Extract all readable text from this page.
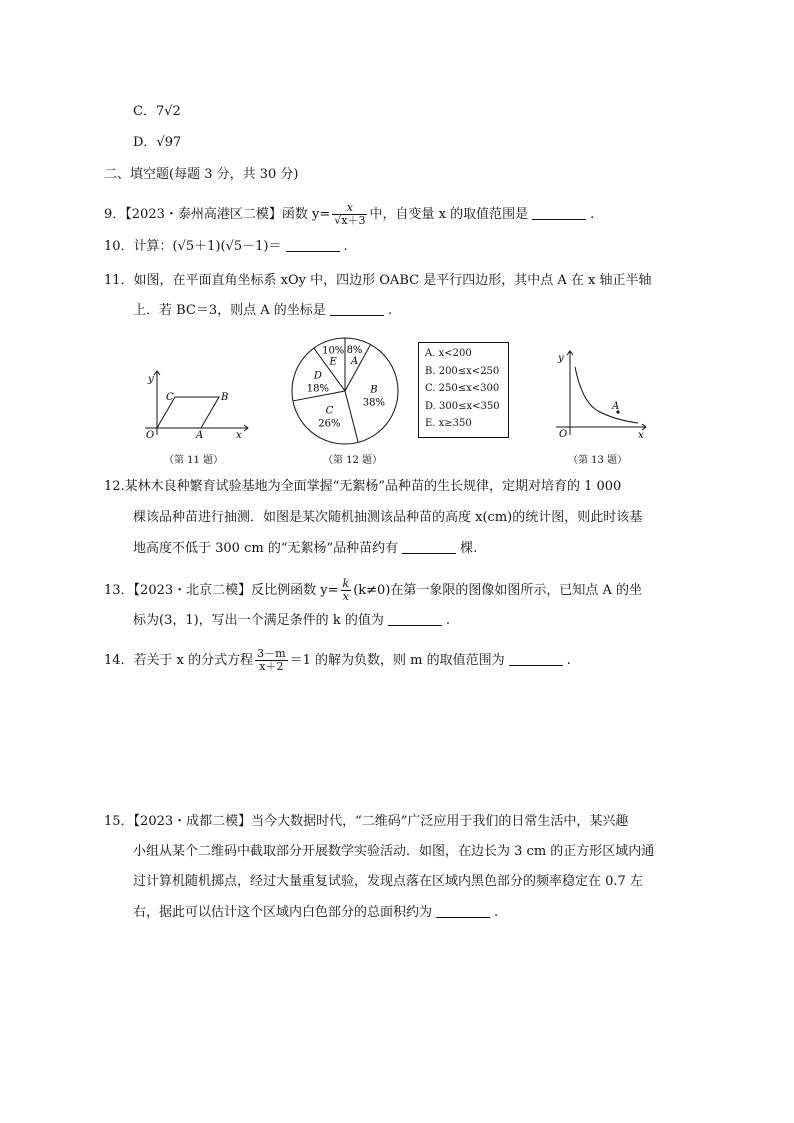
C．7√2
D．√97
二、填空题(每题 3 分，共 30 分)
9．【2023・泰州高港区二模】函数 $y= \frac{x}{√x+3}$ 中，自变量 x 的取值范围是	.
10．计算：(√5＋1)(√5－1)＝	.
11．如图，在平面直角坐标系 xOy 中，四边形 OABC 是平行四边形，其中点 A 在 x 轴正半轴
上．若 BC＝3，则点 A 的坐标是	.
y
x
O	A
B
C
（第 11 题）
A
8%
B
38%
C
26%
D
18%
E
10%
（第 12 题）
A. x<200
B. 200≤x<250
C. 250≤x<300
D. 300≤x<350
E. x≥350
y
x
O
A
（第 13 题）
12.某林木良种繁育试验基地为全面掌握“无絮杨”品种苗的生长规律，定期对培育的 1 000
棵该品种苗进行抽测．如图是某次随机抽测该品种苗的高度 x(cm)的统计图，则此时该基
地高度不低于 300 cm 的“无絮杨”品种苗约有	棵.
13．【2023・北京二模】反比例函数 $y= \frac{k}{x} (k\ne 0)$在第一象限的图像如图所示，已知点 A 的坐
标为(3，1)，写出一个满足条件的 k 的值为	.
14．若关于 x 的分式方程 $\frac{3-m}{x+2} =1$ 的解为负数，则 m 的取值范围为	.
15．【2023・成都二模】当今大数据时代，“二维码”广泛应用于我们的日常生活中，某兴趣
小组从某个二维码中截取部分开展数学实验活动．如图，在边长为 3 cm 的正方形区域内通
过计算机随机掷点，经过大量重复试验，发现点落在区域内黑色部分的频率稳定在 0.7 左
右，据此可以估计这个区域内白色部分的总面积约为	.
